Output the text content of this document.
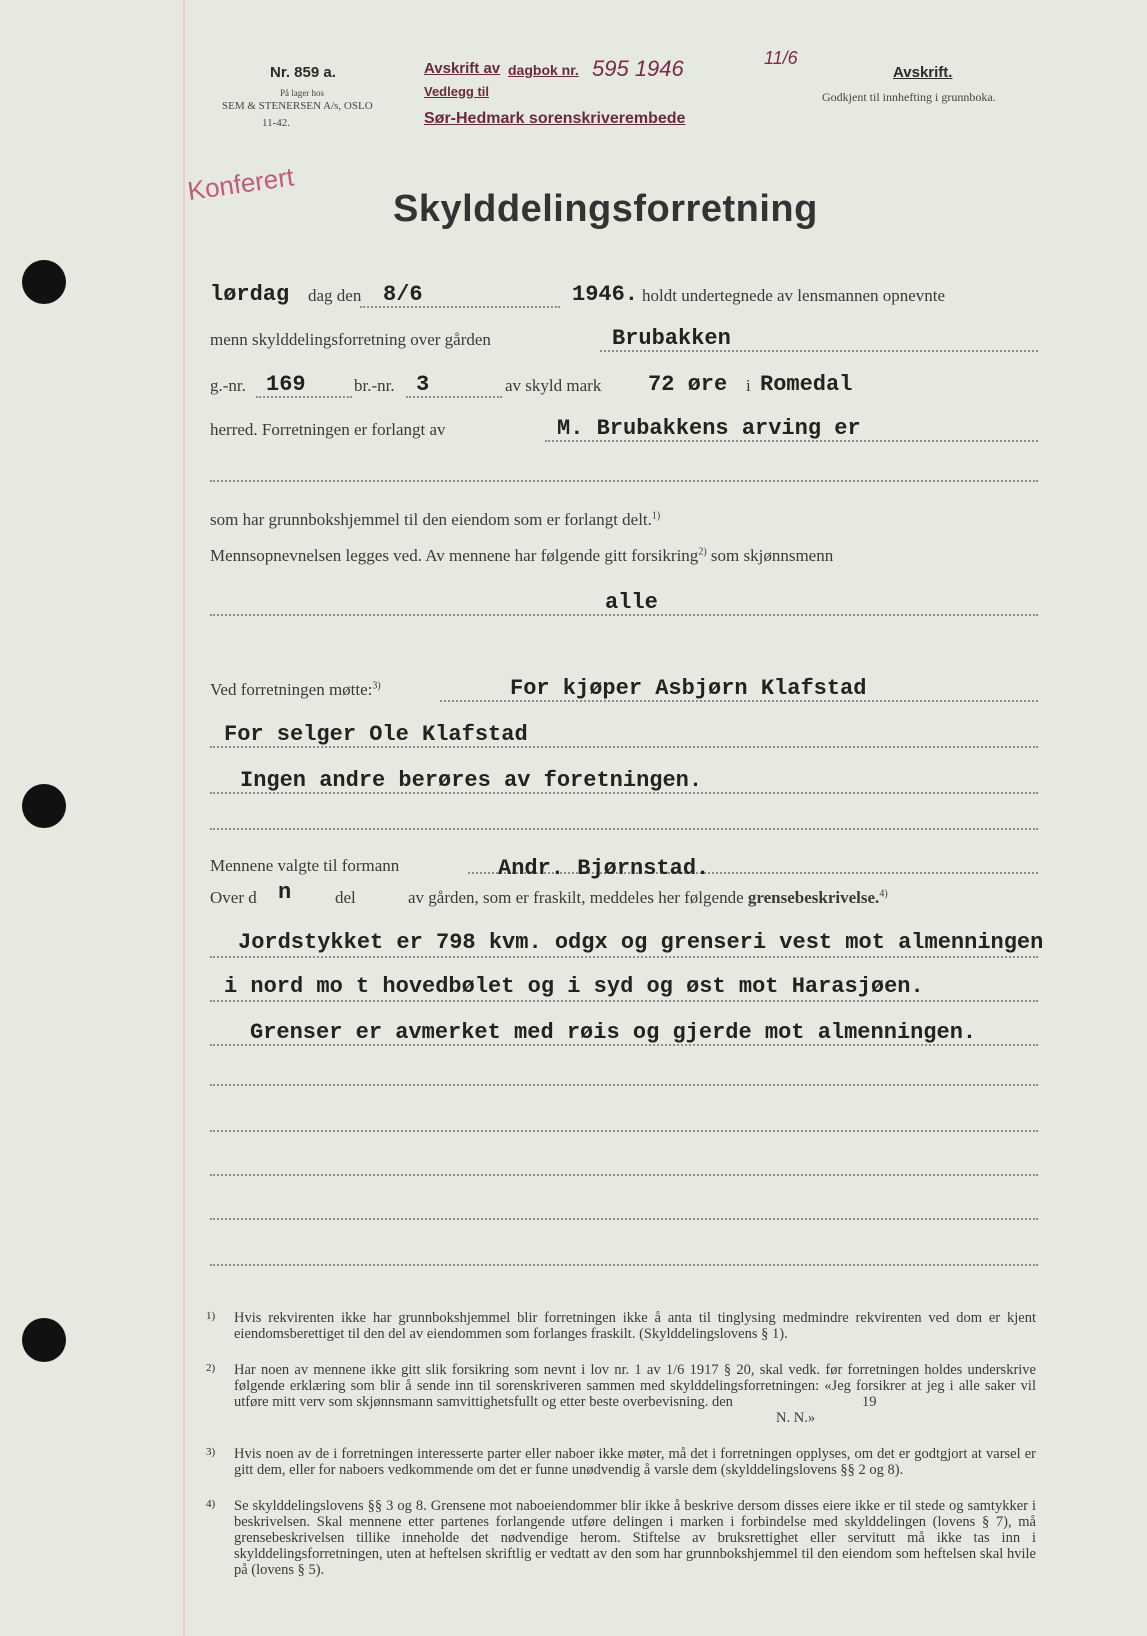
Nr. 859 a.
På lager hos
SEM & STENERSEN A/s, OSLO
11-42.
Avskrift av
Vedlegg til
Sør-Hedmark sorenskriverembede
dagbok nr. 595 1946	11/6
Avskrift.
Godkjent til innhefting i grunnboka.
Konferert
Skylddelingsforretning
lørdag dag den 8/6	1946. holdt undertegnede av lensmannen opnevnte
menn skylddelingsforretning over gården	Brubakken
g.-nr. 169	br.-nr. 3	av skyld mark 72 øre i Romedal
herred. Forretningen er forlangt av	M. Brubakkens arving er
som har grunnbokshjemmel til den eiendom som er forlangt delt.$^{1)}$
Mennsopnevnelsen legges ved. Av mennene har følgende gitt forsikring$^{2)}$ som skjønnsmenn
alle
Ved forretningen møtte:$^{3)}$	For kjøper Asbjørn Klafstad
For selger Ole Klafstad
Ingen andre berøres av foretningen.
Mennene valgte til formann	Andr. Bjørnstad.
Over d n	del	av gården, som er fraskilt, meddeles her følgende grensebeskrivelse.$^{4)}$
Jordstykket er 798 kvm. odgx og grenseri vest mot almenningen
i nord mo t hovedbølet og i syd og øst mot Harasjøen.
Grenser er avmerket med røis og gjerde mot almenningen.
1) Hvis rekvirenten ikke har grunnbokshjemmel blir forretningen ikke å anta til tinglysing medmindre rekvirenten ved dom er kjent eiendomsberettiget til den del av eiendommen som forlanges fraskilt. (Skylddelingslovens § 1).
2) Har noen av mennene ikke gitt slik forsikring som nevnt i lov nr. 1 av 1/6 1917 § 20, skal vedk. før forretningen holdes underskrive følgende erklæring som blir å sende inn til sorenskriveren sammen med skylddelingsforretningen: «Jeg forsikrer at jeg i alle saker vil utføre mitt verv som skjønnsmann samvittighetsfullt og etter beste overbevisning. den	19
N. N.»
3) Hvis noen av de i forretningen interesserte parter eller naboer ikke møter, må det i forretningen opplyses, om det er godtgjort at varsel er gitt dem, eller for naboers vedkommende om det er funne unødvendig å varsle dem (skylddelingslovens §§ 2 og 8).
4) Se skylddelingslovens §§ 3 og 8. Grensene mot naboeiendommer blir ikke å beskrive dersom disses eiere ikke er til stede og samtykker i beskrivelsen. Skal mennene etter partenes forlangende utføre delingen i marken i forbindelse med skylddelingen (lovens § 7), må grensebeskrivelsen tillike inneholde det nødvendige herom. Stiftelse av bruksrettighet eller servitutt må ikke tas inn i skylddelingsforretningen, uten at heftelsen skriftlig er vedtatt av den som har grunnbokshjemmel til den eiendom som heftelsen skal hvile på (lovens § 5).
